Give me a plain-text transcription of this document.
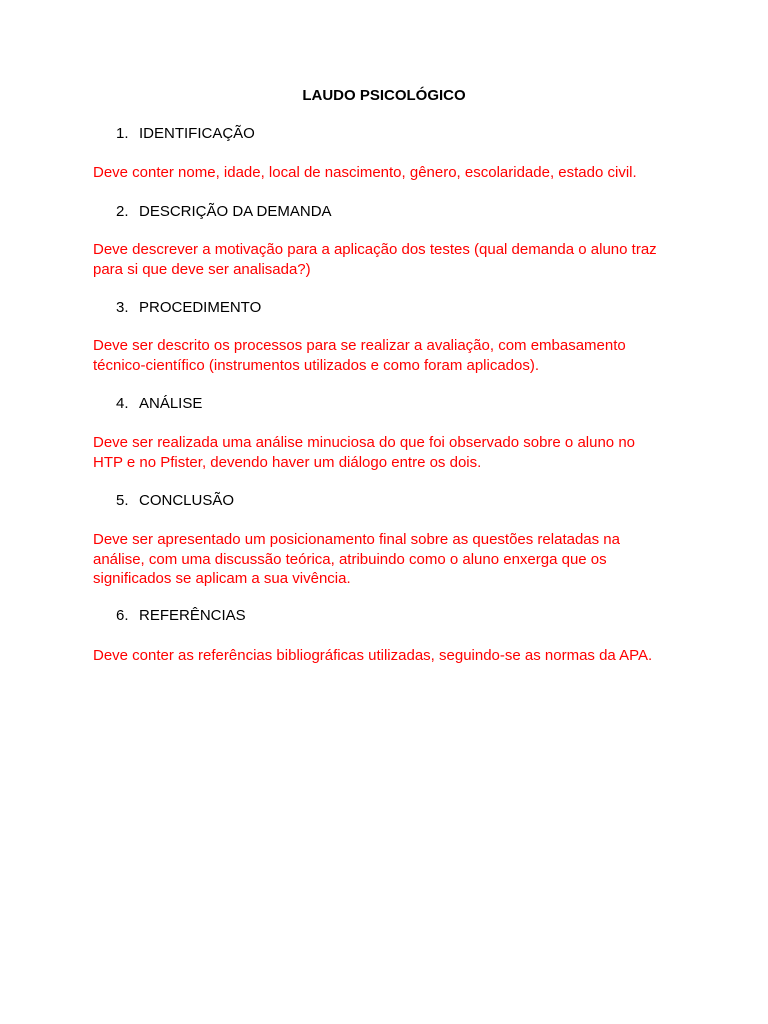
LAUDO PSICOLÓGICO
1. IDENTIFICAÇÃO
Deve conter nome, idade, local de nascimento, gênero, escolaridade, estado civil.
2. DESCRIÇÃO DA DEMANDA
Deve descrever a motivação para a aplicação dos testes (qual demanda o aluno traz
para si que deve ser analisada?)
3. PROCEDIMENTO
Deve ser descrito os processos para se realizar a avaliação, com embasamento
técnico-científico (instrumentos utilizados e como foram aplicados).
4. ANÁLISE
Deve ser realizada uma análise minuciosa do que foi observado sobre o aluno no
HTP e no Pfister, devendo haver um diálogo entre os dois.
5. CONCLUSÃO
Deve ser apresentado um posicionamento final sobre as questões relatadas na
análise, com uma discussão teórica, atribuindo como o aluno enxerga que os
significados se aplicam a sua vivência.
6. REFERÊNCIAS
Deve conter as referências bibliográficas utilizadas, seguindo-se as normas da APA.
